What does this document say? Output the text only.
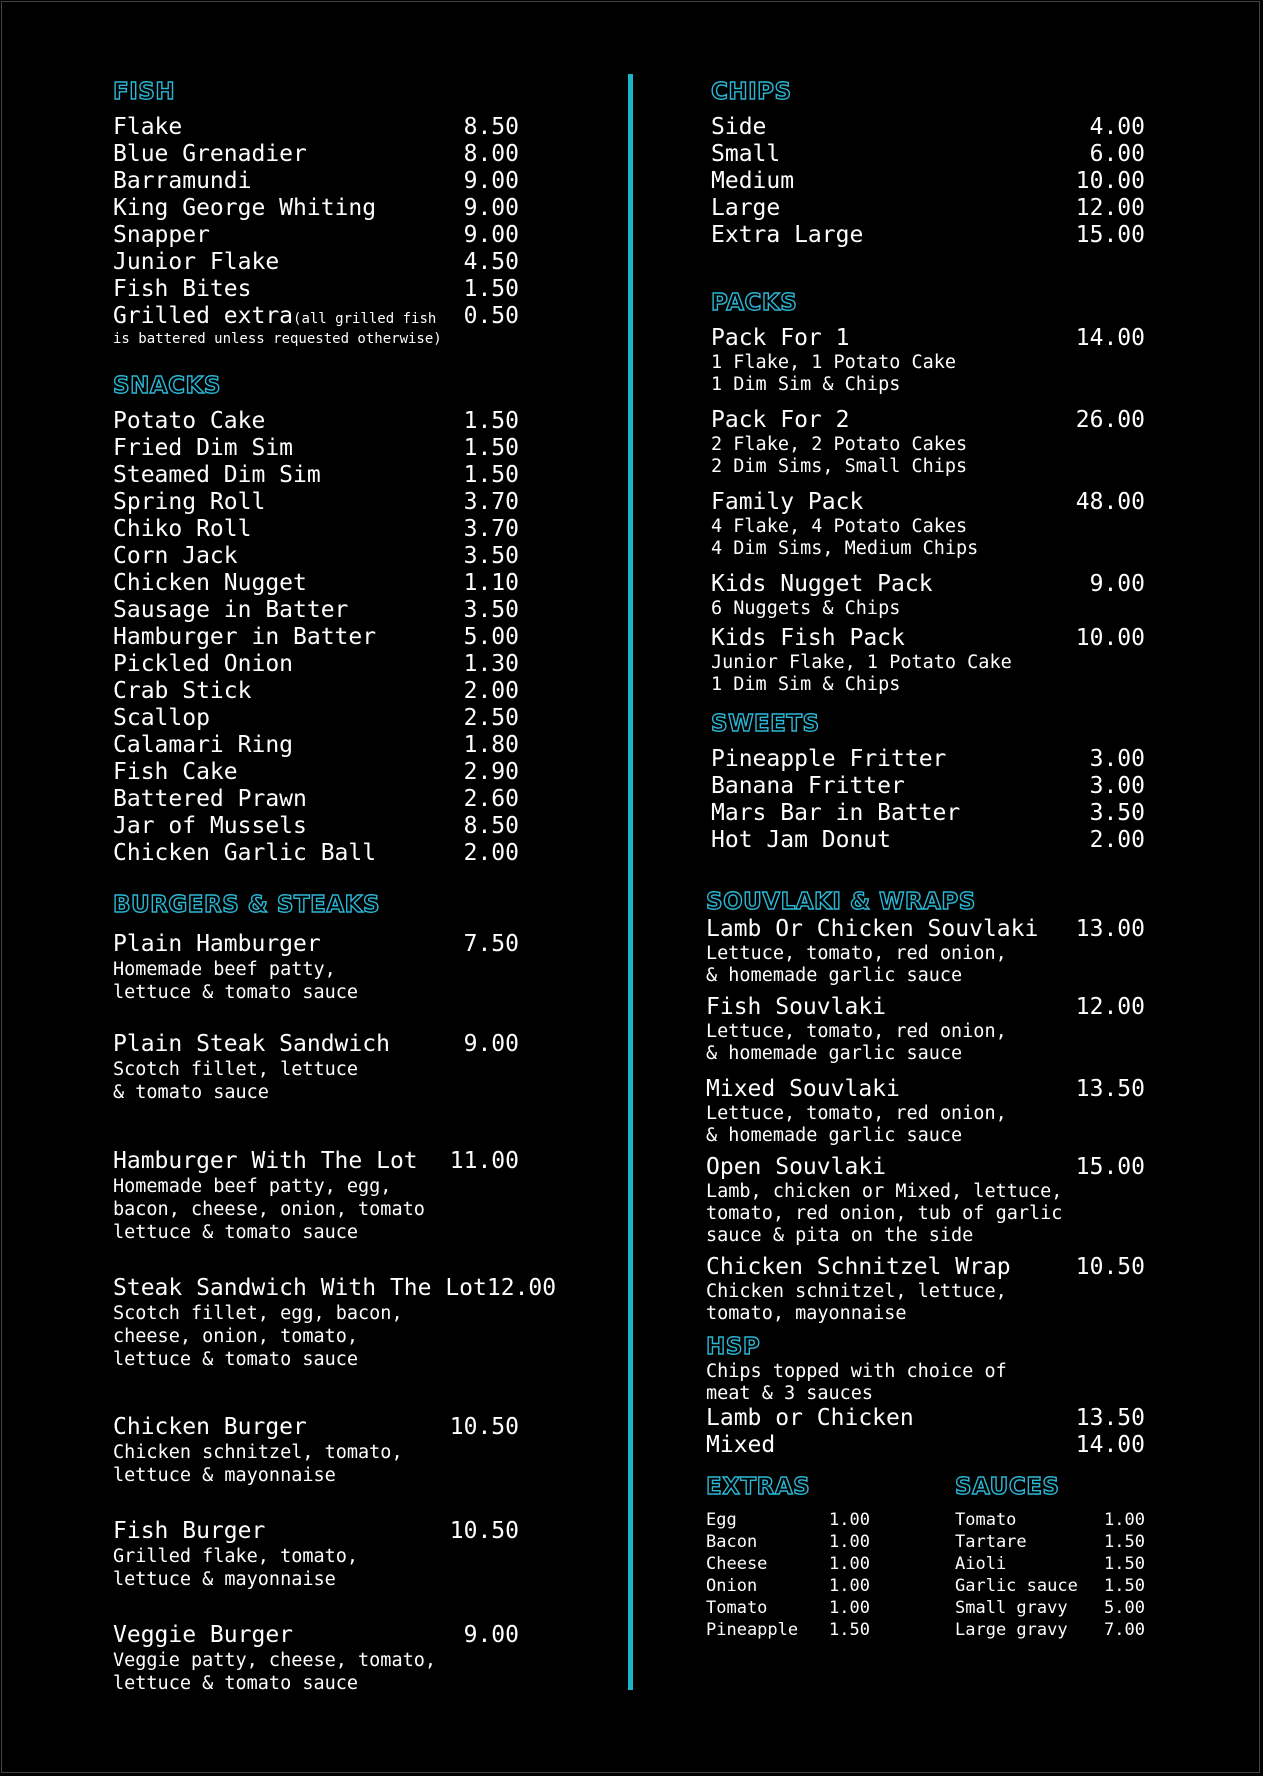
FISH
Flake	8.50
Blue Grenadier	8.00
Barramundi	9.00
King George Whiting	9.00
Snapper	9.00
Junior Flake	4.50
Fish Bites	1.50
Grilled extra(all grilled fish 0.50
is battered unless requested otherwise)
SNACKS
Potato Cake	1.50
Fried Dim Sim	1.50
Steamed Dim Sim	1.50
Spring Roll	3.70
Chiko Roll	3.70
Corn Jack	3.50
Chicken Nugget	1.10
Sausage in Batter	3.50
Hamburger in Batter	5.00
Pickled Onion	1.30
Crab Stick	2.00
Scallop	2.50
Calamari Ring	1.80
Fish Cake	2.90
Battered Prawn	2.60
Jar of Mussels	8.50
Chicken Garlic Ball	2.00
BURGERS & STEAKS
Plain Hamburger	7.50
Homemade beef patty,
lettuce & tomato sauce
Plain Steak Sandwich	9.00
Scotch fillet, lettuce
& tomato sauce
Hamburger With The Lot 11.00
Homemade beef patty, egg,
bacon, cheese, onion, tomato
lettuce & tomato sauce
Steak Sandwich With The Lot 12.00
Scotch fillet, egg, bacon,
cheese, onion, tomato,
lettuce & tomato sauce
Chicken Burger	10.50
Chicken schnitzel, tomato,
lettuce & mayonnaise
Fish Burger	10.50
Grilled flake, tomato,
lettuce & mayonnaise
Veggie Burger	9.00
Veggie patty, cheese, tomato,
lettuce & tomato sauce
CHIPS
Side	4.00
Small	6.00
Medium	10.00
Large	12.00
Extra Large	15.00
PACKS
Pack For 1	14.00
1 Flake, 1 Potato Cake
1 Dim Sim & Chips
Pack For 2	26.00
2 Flake, 2 Potato Cakes
2 Dim Sims, Small Chips
Family Pack	48.00
4 Flake, 4 Potato Cakes
4 Dim Sims, Medium Chips
Kids Nugget Pack	9.00
6 Nuggets & Chips
Kids Fish Pack	10.00
Junior Flake, 1 Potato Cake
1 Dim Sim & Chips
SWEETS
Pineapple Fritter	3.00
Banana Fritter	3.00
Mars Bar in Batter	3.50
Hot Jam Donut	2.00
SOUVLAKI & WRAPS
Lamb Or Chicken Souvlaki 13.00
Lettuce, tomato, red onion,
& homemade garlic sauce
Fish Souvlaki	12.00
Lettuce, tomato, red onion,
& homemade garlic sauce
Mixed Souvlaki	13.50
Lettuce, tomato, red onion,
& homemade garlic sauce
Open Souvlaki	15.00
Lamb, chicken or Mixed, lettuce,
tomato, red onion, tub of garlic
sauce & pita on the side
Chicken Schnitzel Wrap	10.50
Chicken schnitzel, lettuce,
tomato, mayonnaise
HSP
Chips topped with choice of
meat & 3 sauces
Lamb or Chicken	13.50
Mixed	14.00
EXTRAS
Egg	1.00
Bacon	1.00
Cheese	1.00
Onion	1.00
Tomato	1.00
Pineapple 1.50
SAUCES
Tomato	1.00
Tartare	1.50
Aioli	1.50
Garlic sauce 1.50
Small gravy 5.00
Large gravy 7.00
